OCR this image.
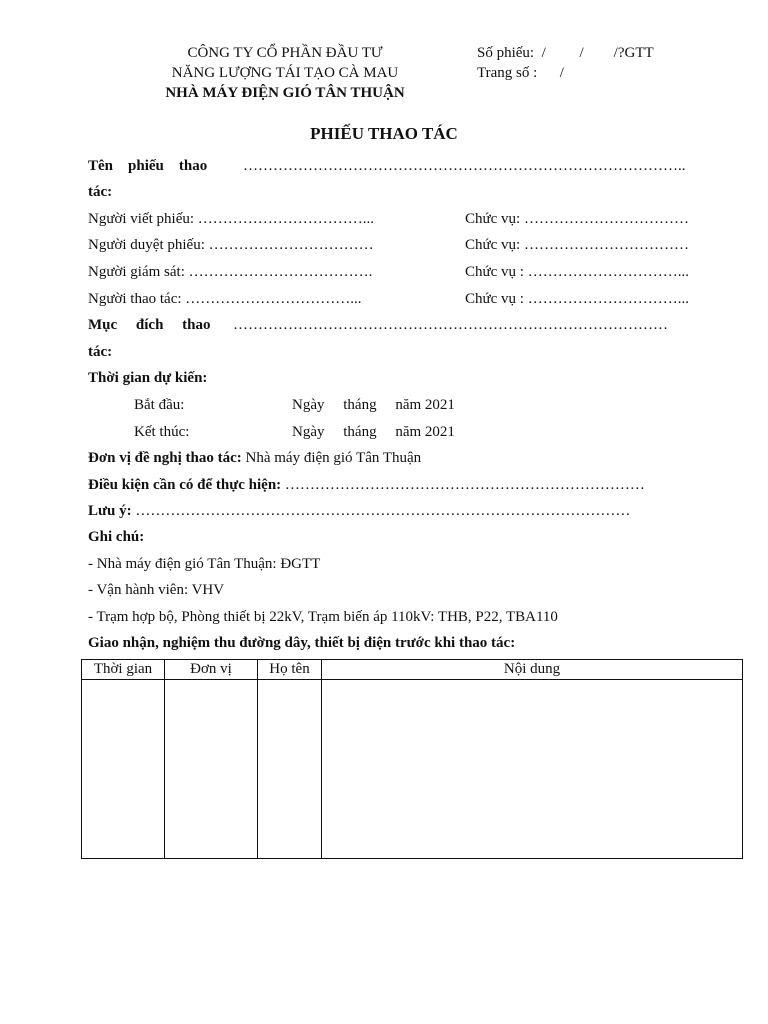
CÔNG TY CỔ PHẦN ĐẦU TƯ
NĂNG LƯỢNG TÁI TẠO CÀ MAU
NHÀ MÁY ĐIỆN GIÓ TÂN THUẬN
Số phiếu:  /         /        /?GTT
Trang số :      /
PHIẾU THAO TÁC
Tên    phiếu    thao ……………………………………………………………………………..
tác:
Người viết phiếu: ……………………………...	Chức vụ: ……………………………
Người duyệt phiếu: ……………………………	Chức vụ: ……………………………
Người giám sát: ……………………………….	Chức vụ : …………………………...
Người thao tác: ……………………………...	Chức vụ : …………………………...
Mục     đích     thao ……………………………………………………………………………
tác:
Thời gian dự kiến:
Bắt đầu:	Ngày     tháng     năm 2021
Kết thúc:	Ngày     tháng     năm 2021
Đơn vị đề nghị thao tác: Nhà máy điện gió Tân Thuận
Điều kiện cần có để thực hiện: ………………………………………………………………
Lưu ý: ………………………………………………………………………………………
Ghi chú:
- Nhà máy điện gió Tân Thuận: ĐGTT
- Vận hành viên: VHV
- Trạm hợp bộ, Phòng thiết bị 22kV, Trạm biến áp 110kV: THB, P22, TBA110
Giao nhận, nghiệm thu đường dây, thiết bị điện trước khi thao tác:
Thời gian	Đơn vị	Họ tên	Nội dung
